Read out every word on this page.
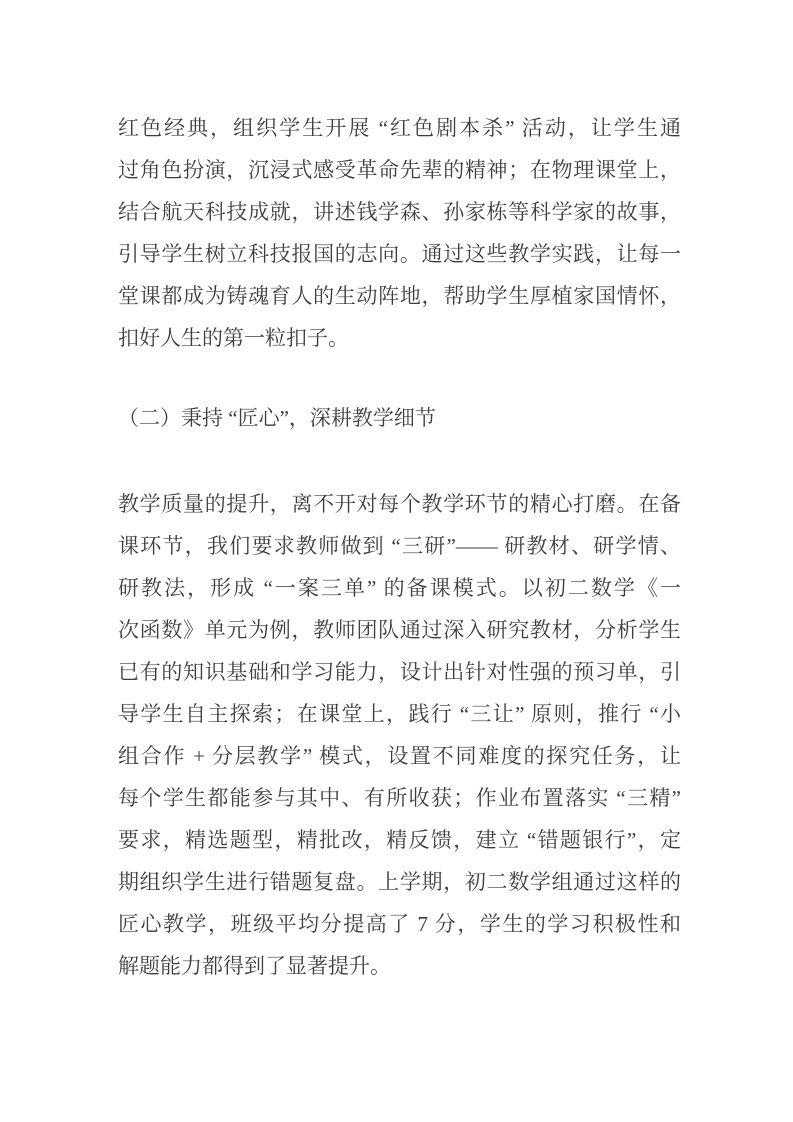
红色经典，组织学生开展 “红色剧本杀” 活动，让学生通
过角色扮演，沉浸式感受革命先辈的精神；在物理课堂上，
结合航天科技成就，讲述钱学森、孙家栋等科学家的故事，
引导学生树立科技报国的志向。通过这些教学实践，让每一
堂课都成为铸魂育人的生动阵地，帮助学生厚植家国情怀，
扣好人生的第一粒扣子。

（二）秉持 “匠心”，深耕教学细节

教学质量的提升，离不开对每个教学环节的精心打磨。在备
课环节，我们要求教师做到 “三研”—— 研教材、研学情、
研教法，形成 “一案三单” 的备课模式。以初二数学《一
次函数》单元为例，教师团队通过深入研究教材，分析学生
已有的知识基础和学习能力，设计出针对性强的预习单，引
导学生自主探索；在课堂上，践行 “三让” 原则，推行 “小
组合作 + 分层教学” 模式，设置不同难度的探究任务，让
每个学生都能参与其中、有所收获；作业布置落实 “三精”
要求，精选题型，精批改，精反馈，建立 “错题银行”，定
期组织学生进行错题复盘。上学期，初二数学组通过这样的
匠心教学，班级平均分提高了 7 分，学生的学习积极性和
解题能力都得到了显著提升。
